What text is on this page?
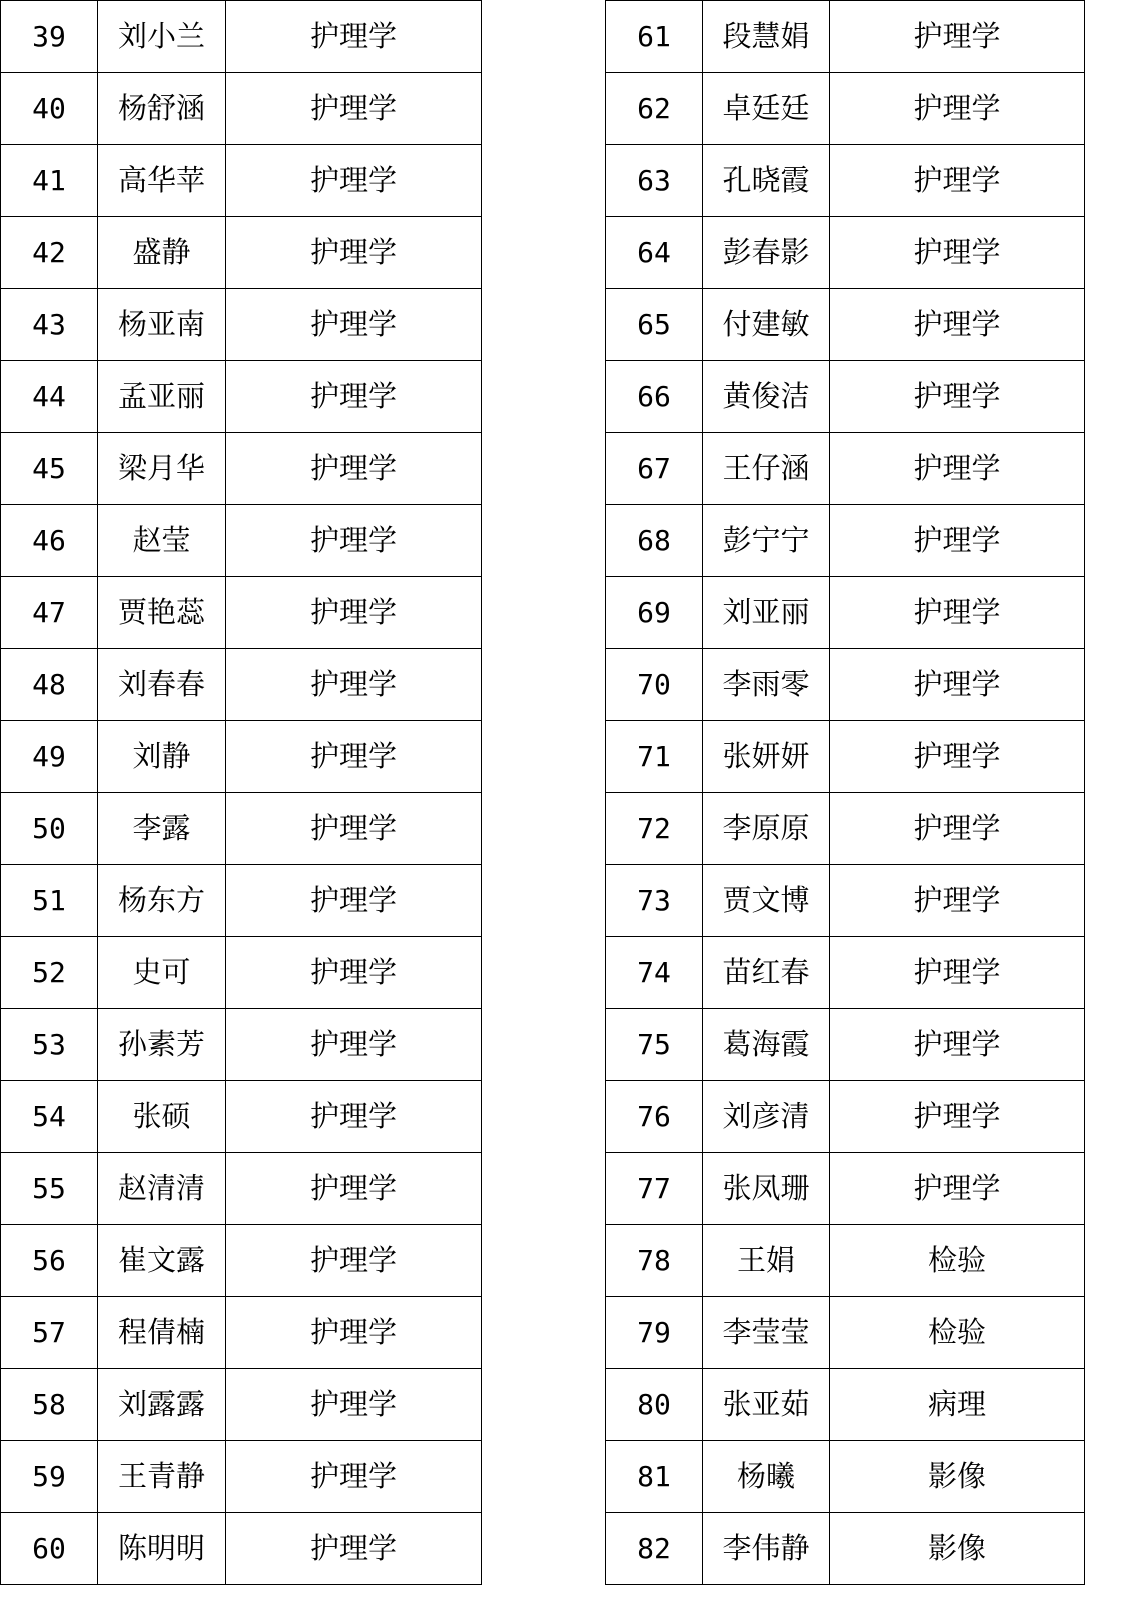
39	刘小兰	护理学
40	杨舒涵	护理学
41	高华苹	护理学
42	盛静	护理学
43	杨亚南	护理学
44	孟亚丽	护理学
45	梁月华	护理学
46	赵莹	护理学
47	贾艳蕊	护理学
48	刘春春	护理学
49	刘静	护理学
50	李露	护理学
51	杨东方	护理学
52	史可	护理学
53	孙素芳	护理学
54	张硕	护理学
55	赵清清	护理学
56	崔文露	护理学
57	程倩楠	护理学
58	刘露露	护理学
59	王青静	护理学
60	陈明明	护理学
61	段慧娟	护理学
62	卓廷廷	护理学
63	孔晓霞	护理学
64	彭春影	护理学
65	付建敏	护理学
66	黄俊洁	护理学
67	王仔涵	护理学
68	彭宁宁	护理学
69	刘亚丽	护理学
70	李雨零	护理学
71	张妍妍	护理学
72	李原原	护理学
73	贾文博	护理学
74	苗红春	护理学
75	葛海霞	护理学
76	刘彦清	护理学
77	张凤珊	护理学
78	王娟	检验
79	李莹莹	检验
80	张亚茹	病理
81	杨曦	影像
82	李伟静	影像
